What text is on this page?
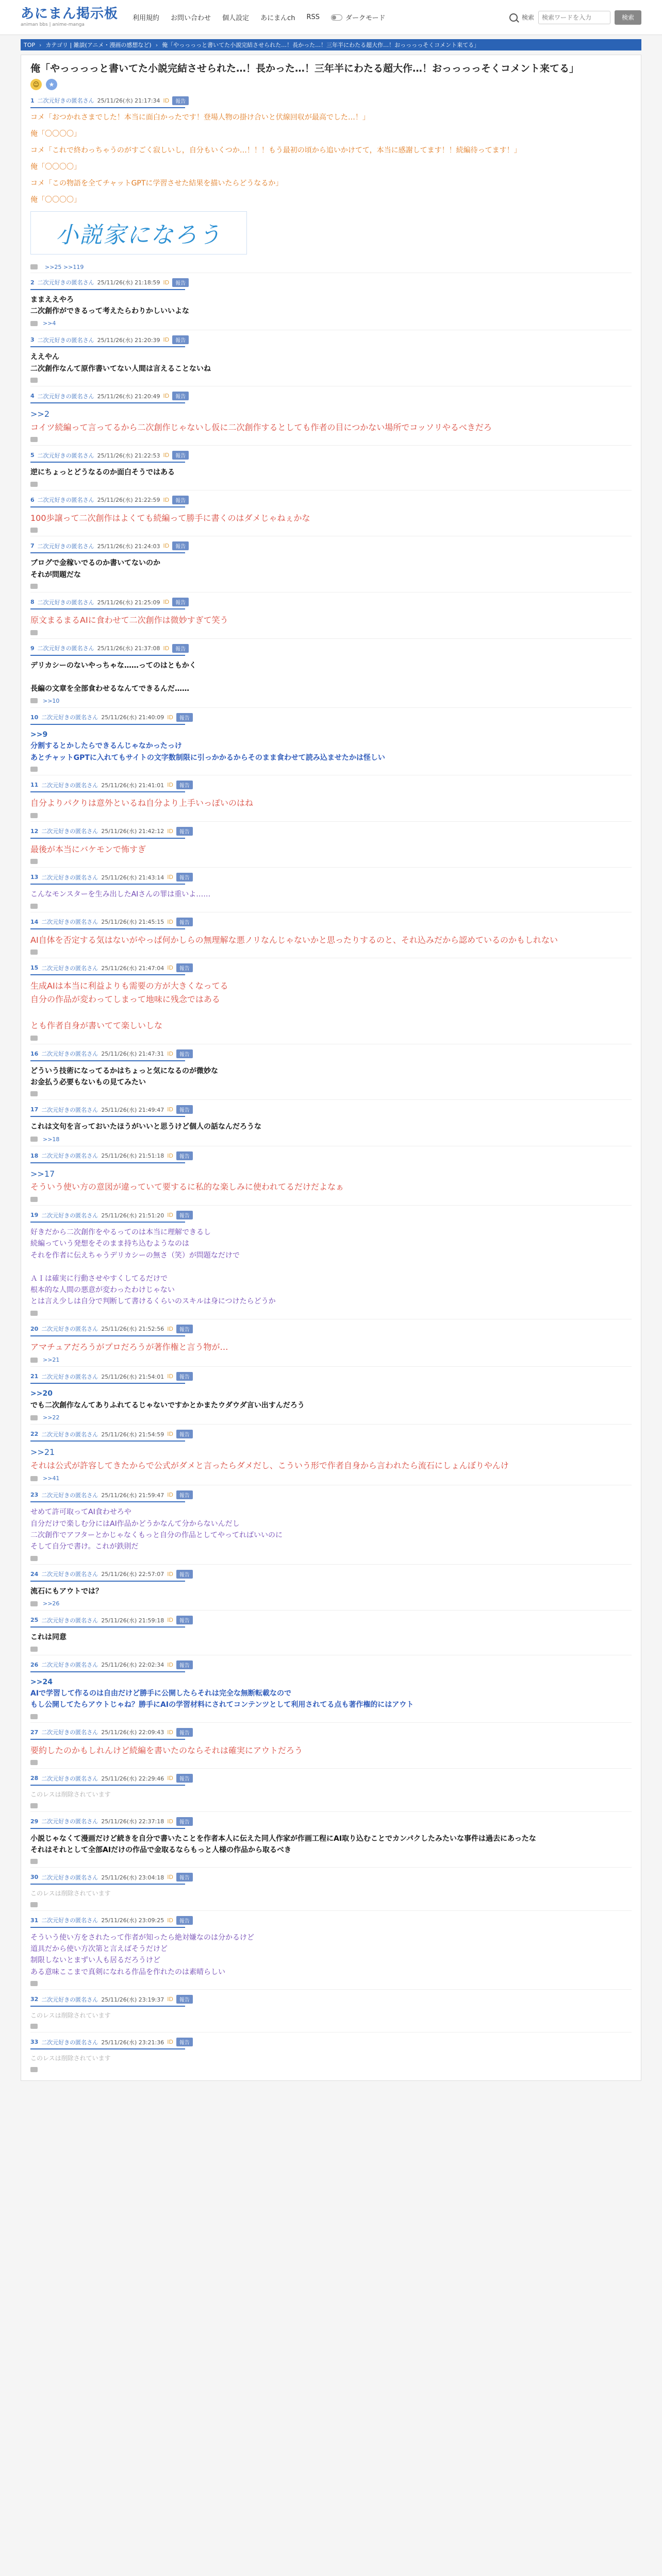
あにまん掲示板
animan bbs | anime-manga
利用規約 お問い合わせ 個人設定 あにまんch RSS	ダークモード	検索
検索ワードを入力	検索
TOP › カテゴリ | 雑談(アニメ・漫画の感想など) › 俺「やっっっっと書いてた小説完結させられた…！長かった…！三年半にわたる超大作…！おっっっっそくコメント来てる」
俺「やっっっっと書いてた小説完結させられた…！長かった…！三年半にわたる超大作…！おっっっっそくコメント来てる」
☺	★
1 二次元好きの匿名さん 25/11/26(水) 21:17:34 ID	報告

コメ「おつかれさまでした！本当に面白かったです！登場人物の掛け合いと伏線回収が最高でした…！」

俺「〇〇〇〇」

コメ「これで終わっちゃうのがすごく寂しいし，自分もいくつか…！！！もう最初の頃から追いかけてて，本当に感謝してます！！続編待ってます！」

俺「〇〇〇〇」

コメ「この物語を全てチャットGPTに学習させた結果を描いたらどうなるか」

俺「〇〇〇〇」

小説家になろう
>>25 >>119
2 二次元好きの匿名さん 25/11/26(水) 21:18:59 ID	報告
ままええやろ
二次創作ができるって考えたらわりかしいいよな
>>4
3 二次元好きの匿名さん 25/11/26(水) 21:20:39 ID	報告
ええやん
二次創作なんて原作書いてない人間は言えることないね
4 二次元好きの匿名さん 25/11/26(水) 21:20:49 ID	報告
>>2
コイツ続編って言ってるから二次創作じゃないし仮に二次創作するとしても作者の目につかない場所でコッソリやるべきだろ
5 二次元好きの匿名さん 25/11/26(水) 21:22:53 ID	報告
逆にちょっとどうなるのか面白そうではある
6 二次元好きの匿名さん 25/11/26(水) 21:22:59 ID	報告
100歩譲って二次創作はよくても続編って勝手に書くのはダメじゃねぇかな
7 二次元好きの匿名さん 25/11/26(水) 21:24:03 ID	報告
ブログで金稼いでるのか書いてないのか
それが問題だな
8 二次元好きの匿名さん 25/11/26(水) 21:25:09 ID	報告
原文まるまるAIに食わせて二次創作は微妙すぎて笑う
9 二次元好きの匿名さん 25/11/26(水) 21:37:08 ID	報告
デリカシーのないやっちゃな……ってのはともかく

長編の文章を全部食わせるなんてできるんだ……
>>10
10 二次元好きの匿名さん 25/11/26(水) 21:40:09 ID	報告
>>9
分割するとかしたらできるんじゃなかったっけ
あとチャットGPTに入れてもサイトの文字数制限に引っかかるからそのまま食わせて読み込ませたかは怪しい
11 二次元好きの匿名さん 25/11/26(水) 21:41:01 ID	報告
自分よりパクりは意外といるね自分より上手いっぽいのはね
12 二次元好きの匿名さん 25/11/26(水) 21:42:12 ID	報告
最後が本当にバケモンで怖すぎ
13 二次元好きの匿名さん 25/11/26(水) 21:43:14 ID	報告
こんなモンスターを生み出したAIさんの罪は重いよ……
14 二次元好きの匿名さん 25/11/26(水) 21:45:15 ID	報告
AI自体を否定する気はないがやっぱ何かしらの無理解な悪ノリなんじゃないかと思ったりするのと、それ込みだから認めているのかもしれない
15 二次元好きの匿名さん 25/11/26(水) 21:47:04 ID	報告
生成AIは本当に利益よりも需要の方が大きくなってる
自分の作品が変わってしまって地味に残念ではある

とも作者自身が書いてて楽しいしな
16 二次元好きの匿名さん 25/11/26(水) 21:47:31 ID	報告
どういう技術になってるかはちょっと気になるのが微妙な
お金払う必要もないもの見てみたい
17 二次元好きの匿名さん 25/11/26(水) 21:49:47 ID	報告
これは文句を言っておいたほうがいいと思うけど個人の話なんだろうな
>>18
18 二次元好きの匿名さん 25/11/26(水) 21:51:18 ID	報告
>>17
そういう使い方の意図が違っていて要するに私的な楽しみに使われてるだけだよなぁ
19 二次元好きの匿名さん 25/11/26(水) 21:51:20 ID	報告
好きだから二次創作をやるってのは本当に理解できるし
続編っていう発想をそのまま持ち込むようなのは
それを作者に伝えちゃうデリカシーの無さ（笑）が問題なだけで

ＡＩは確実に行動させやすくしてるだけで
根本的な人間の悪意が変わったわけじゃない
とは言え少しは自分で判断して書けるくらいのスキルは身につけたらどうか
20 二次元好きの匿名さん 25/11/26(水) 21:52:56 ID	報告
アマチュアだろうがプロだろうが著作権と言う物が…
>>21
21 二次元好きの匿名さん 25/11/26(水) 21:54:01 ID	報告
>>20
でも二次創作なんてありふれてるじゃないですかとかまたウダウダ言い出すんだろう
>>22
22 二次元好きの匿名さん 25/11/26(水) 21:54:59 ID	報告
>>21
それは公式が許容してきたからで公式がダメと言ったらダメだし、こういう形で作者自身から言われたら流石にしょんぼりやんけ
>>41
23 二次元好きの匿名さん 25/11/26(水) 21:59:47 ID	報告
せめて許可取ってAI食わせろや
自分だけで楽しむ分にはAI作品かどうかなんて分からないんだし
二次創作でアフターとかじゃなくもっと自分の作品としてやってればいいのに
そして自分で書け。これが鉄則だ
24 二次元好きの匿名さん 25/11/26(水) 22:57:07 ID	報告
流石にもアウトでは？
>>26
25 二次元好きの匿名さん 25/11/26(水) 21:59:18 ID	報告
これは同意
26 二次元好きの匿名さん 25/11/26(水) 22:02:34 ID	報告
>>24
AIで学習して作るのは自由だけど勝手に公開したらそれは完全な無断転載なので
もし公開してたらアウトじゃね？勝手にAIの学習材料にされてコンテンツとして利用されてる点も著作権的にはアウト
27 二次元好きの匿名さん 25/11/26(水) 22:09:43 ID	報告
要約したのかもしれんけど続編を書いたのならそれは確実にアウトだろう
28 二次元好きの匿名さん 25/11/26(水) 22:29:46 ID	報告
このレスは削除されています
29 二次元好きの匿名さん 25/11/26(水) 22:37:18 ID	報告
小説じゃなくて漫画だけど続きを自分で書いたことを作者本人に伝えた同人作家が作画工程にAI取り込むことでカンパクしたみたいな事件は過去にあったな
それはそれとして全部AIだけの作品で金取るならもっと人様の作品から取るべき
30 二次元好きの匿名さん 25/11/26(水) 23:04:18 ID	報告
このレスは削除されています
31 二次元好きの匿名さん 25/11/26(水) 23:09:25 ID	報告
そういう使い方をされたって作者が知ったら絶対嫌なのは分かるけど
道具だから使い方次第と言えばそうだけど
制限しないとまずい人も居るだろうけど
ある意味ここまで真剣になれる作品を作れたのは素晴らしい
32 二次元好きの匿名さん 25/11/26(水) 23:19:37 ID	報告
このレスは削除されています
33 二次元好きの匿名さん 25/11/26(水) 23:21:36 ID	報告
このレスは削除されています
